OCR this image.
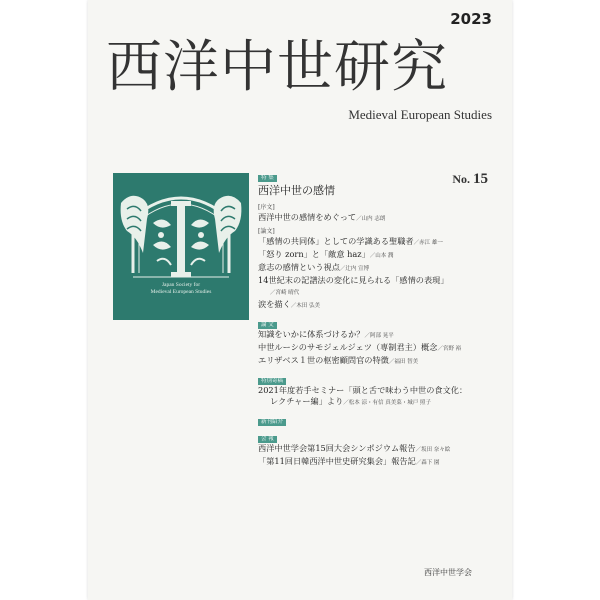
2023
西洋中世研究
Medieval European Studies
No. 15
Japan Society for
Medieval European Studies
特 集
西洋中世の感情
[序文]
西洋中世の感情をめぐって／山内 志朗
[論文]
「感情の共同体」としての学識ある聖職者／赤江 雄一
「怒り zorn」と「敵意 haz」／山本 潤
意志の感情という視点／辻内 宣博
14世紀末の記譜法の変化に見られる「感情の表現」
／宮崎 晴代
涙を描く／木田 弘美
論 文
知識をいかに体系づけるか？／阿部 晃平
中世ルーシのサモジェルジェツ（専制君主）概念／宮野 裕
エリザベス１世の枢密顧問官の特徴／福田 智美
特別寄稿
2021年度若手セミナー「頭と舌で味わう中世の食文化：
レクチャー編」より／松本 涼・有信 真美菜・城戸 照子
新刊紹介
会 報
西洋中世学会第15回大会シンポジウム報告／坂田 奈々絵
「第11回日韓西洋中世史研究集会」報告記／森下 園
西洋中世学会
